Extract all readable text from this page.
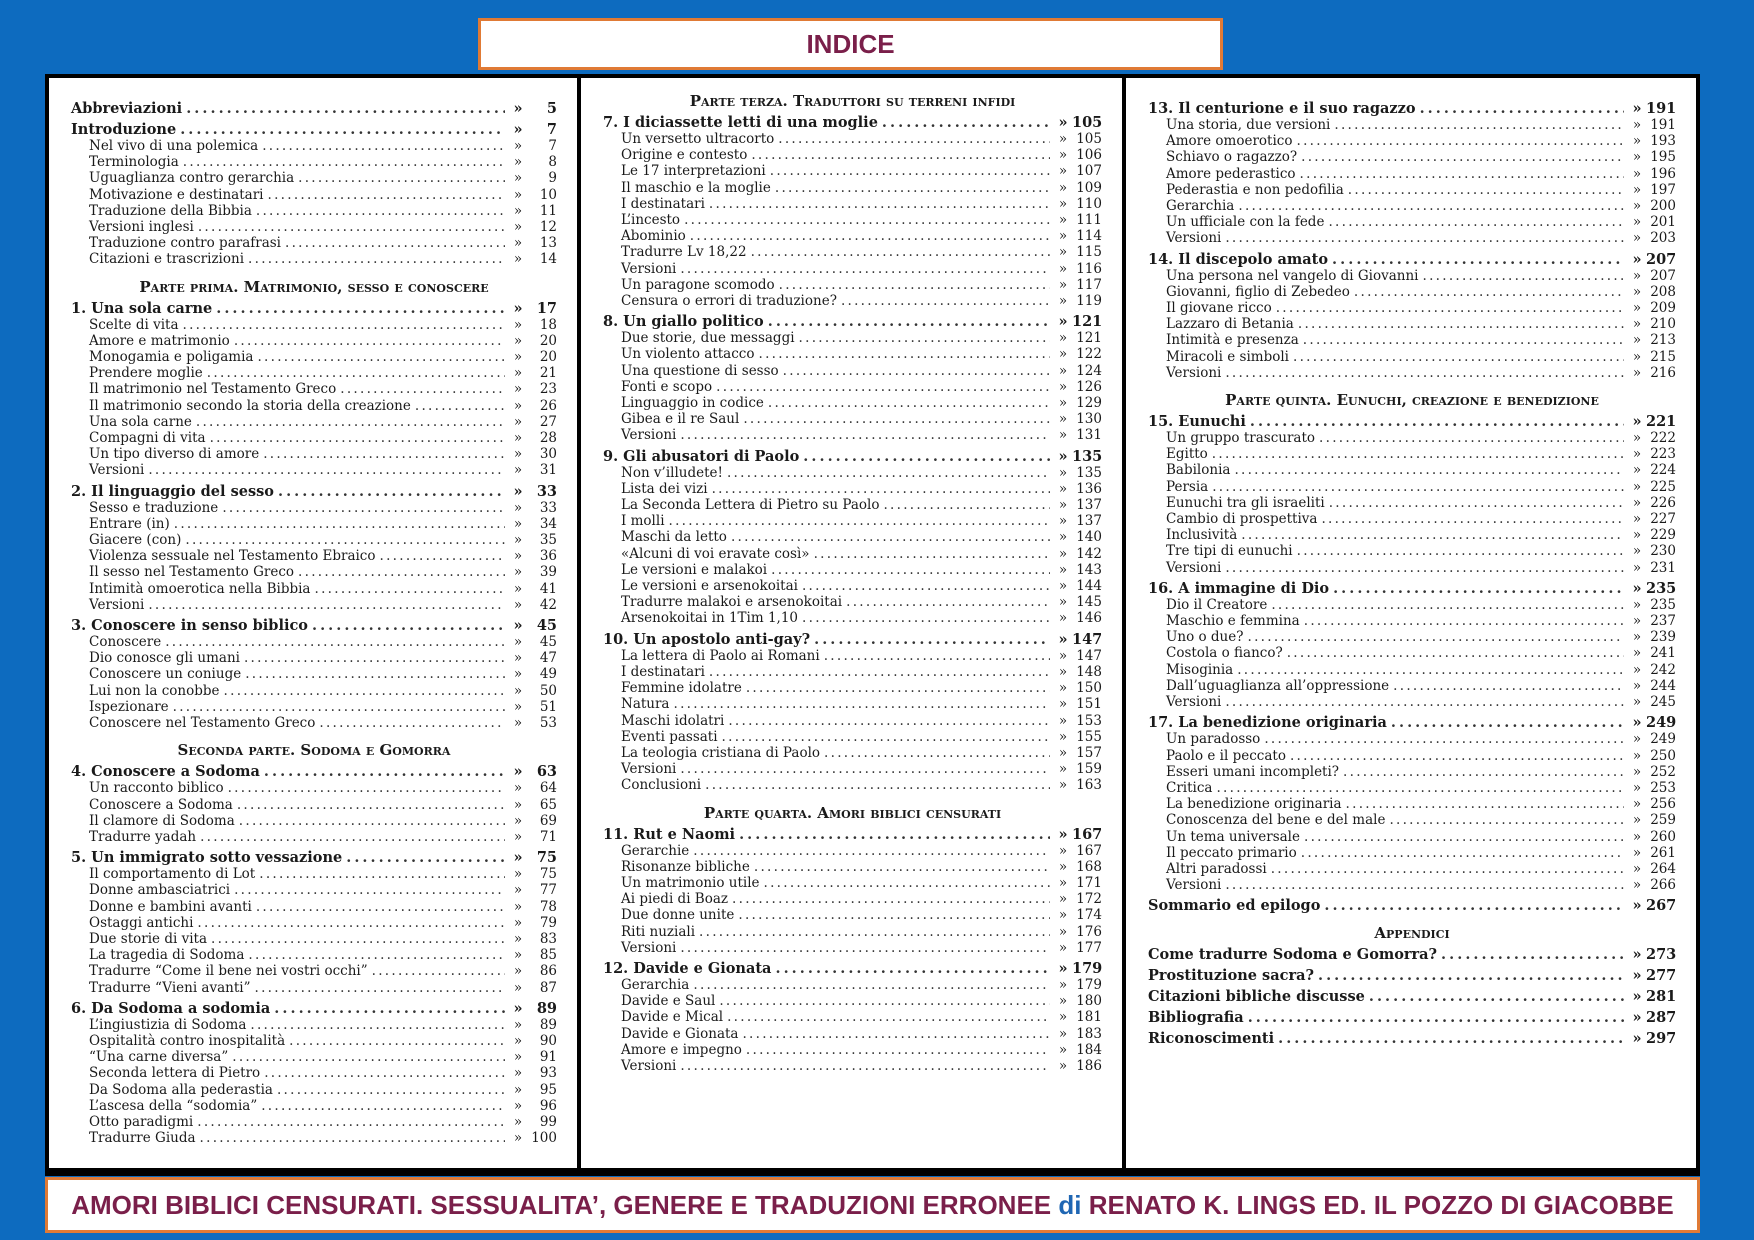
INDICE
Abbreviazioni . . .	»	5
Introduzione . . .	»	7
Nel vivo di una polemica . . .	»	7
Terminologia . . .	»	8
Uguaglianza contro gerarchia . . .	»	9
Motivazione e destinatari . . .	»	10
Traduzione della Bibbia . . .	»	11
Versioni inglesi . . .	»	12
Traduzione contro parafrasi . . .	»	13
Citazioni e trascrizioni . . .	»	14
Parte prima. Matrimonio, sesso e conoscere
1. Una sola carne . . .	» 17
Scelte di vita . . .	»	18
Amore e matrimonio . . .	»	20
Monogamia e poligamia . . .	»	20
Prendere moglie . . .	»	21
Il matrimonio nel Testamento Greco . . .	»	23
Il matrimonio secondo la storia della creazione . . .	»	26
Una sola carne . . .	»	27
Compagni di vita . . .	»	28
Un tipo diverso di amore . . .	»	30
Versioni . . .	»	31
2. Il linguaggio del sesso . . .	» 33
Sesso e traduzione . . .	»	33
Entrare (in) . . .	»	34
Giacere (con) . . .	»	35
Violenza sessuale nel Testamento Ebraico . . .	»	36
Il sesso nel Testamento Greco . . .	»	39
Intimità omoerotica nella Bibbia . . .	»	41
Versioni . . .	»	42
3. Conoscere in senso biblico . . .	» 45
Conoscere . . .	»	45
Dio conosce gli umani . . .	»	47
Conoscere un coniuge . . .	»	49
Lui non la conobbe . . .	»	50
Ispezionare . . .	»	51
Conoscere nel Testamento Greco . . .	»	53
Seconda parte. Sodoma e Gomorra
4. Conoscere a Sodoma . . .	» 63
Un racconto biblico . . .	»	64
Conoscere a Sodoma . . .	»	65
Il clamore di Sodoma . . .	»	69
Tradurre yadah . . .	»	71
5. Un immigrato sotto vessazione . . .	» 75
Il comportamento di Lot . . .	»	75
Donne ambasciatrici . . .	»	77
Donne e bambini avanti . . .	»	78
Ostaggi antichi . . .	»	79
Due storie di vita . . .	»	83
La tragedia di Sodoma . . .	»	85
Tradurre “Come il bene nei vostri occhi” . . .	»	86
Tradurre “Vieni avanti” . . .	»	87
6. Da Sodoma a sodomia . . .	» 89
L’ingiustizia di Sodoma . . .	»	89
Ospitalità contro inospitalità . . .	»	90
“Una carne diversa” . . .	»	91
Seconda lettera di Pietro . . .	»	93
Da Sodoma alla pederastia . . .	»	95
L’ascesa della “sodomia” . . .	»	96
Otto paradigmi . . .	»	99
Tradurre Giuda . . .	» 100
Parte terza. Traduttori su terreni infidi
7. I diciassette letti di una moglie . . .	» 105
Un versetto ultracorto . . .	» 105
Origine e contesto . . .	» 106
Le 17 interpretazioni . . .	» 107
Il maschio e la moglie . . .	» 109
I destinatari . . .	» 110
L’incesto . . .	» 111
Abominio . . .	» 114
Tradurre Lv 18,22 . . .	» 115
Versioni . . .	» 116
Un paragone scomodo . . .	» 117
Censura o errori di traduzione? . . .	» 119
8. Un giallo politico . . .	» 121
Due storie, due messaggi . . .	» 121
Un violento attacco . . .	» 122
Una questione di sesso . . .	» 124
Fonti e scopo . . .	» 126
Linguaggio in codice . . .	» 129
Gibea e il re Saul . . .	» 130
Versioni . . .	» 131
9. Gli abusatori di Paolo . . .	» 135
Non v’illudete! . . .	» 135
Lista dei vizi . . .	» 136
La Seconda Lettera di Pietro su Paolo . . .	» 137
I molli . . .	» 137
Maschi da letto . . .	» 140
«Alcuni di voi eravate così» . . .	» 142
Le versioni e malakoi . . .	» 143
Le versioni e arsenokoitai . . .	» 144
Tradurre malakoi e arsenokoitai . . .	» 145
Arsenokoitai in 1Tim 1,10 . . .	» 146
10. Un apostolo anti-gay? . . .	» 147
La lettera di Paolo ai Romani . . .	» 147
I destinatari . . .	» 148
Femmine idolatre . . .	» 150
Natura . . .	» 151
Maschi idolatri . . .	» 153
Eventi passati . . .	» 155
La teologia cristiana di Paolo . . .	» 157
Versioni . . .	» 159
Conclusioni . . .	» 163
Parte quarta. Amori biblici censurati
11. Rut e Naomi . . .	» 167
Gerarchie . . .	» 167
Risonanze bibliche . . .	» 168
Un matrimonio utile . . .	» 171
Ai piedi di Boaz . . .	» 172
Due donne unite . . .	» 174
Riti nuziali . . .	» 176
Versioni . . .	» 177
12. Davide e Gionata . . .	» 179
Gerarchia . . .	» 179
Davide e Saul . . .	» 180
Davide e Mical . . .	» 181
Davide e Gionata . . .	» 183
Amore e impegno . . .	» 184
Versioni . . .	» 186
13. Il centurione e il suo ragazzo . . .	» 191
Una storia, due versioni . . .	» 191
Amore omoerotico . . .	» 193
Schiavo o ragazzo? . . .	» 195
Amore pederastico . . .	» 196
Pederastia e non pedofilia . . .	» 197
Gerarchia . . .	» 200
Un ufficiale con la fede . . .	» 201
Versioni . . .	» 203
14. Il discepolo amato . . .	» 207
Una persona nel vangelo di Giovanni . . .	» 207
Giovanni, figlio di Zebedeo . . .	» 208
Il giovane ricco . . .	» 209
Lazzaro di Betania . . .	» 210
Intimità e presenza . . .	» 213
Miracoli e simboli . . .	» 215
Versioni . . .	» 216
Parte quinta. Eunuchi, creazione e benedizione
15. Eunuchi . . .	» 221
Un gruppo trascurato . . .	» 222
Egitto . . .	» 223
Babilonia . . .	» 224
Persia . . .	» 225
Eunuchi tra gli israeliti . . .	» 226
Cambio di prospettiva . . .	» 227
Inclusività . . .	» 229
Tre tipi di eunuchi . . .	» 230
Versioni . . .	» 231
16. A immagine di Dio . . .	» 235
Dio il Creatore . . .	» 235
Maschio e femmina . . .	» 237
Uno o due? . . .	» 239
Costola o fianco? . . .	» 241
Misoginia . . .	» 242
Dall’uguaglianza all’oppressione . . .	» 244
Versioni . . .	» 245
17. La benedizione originaria . . .	» 249
Un paradosso . . .	» 249
Paolo e il peccato . . .	» 250
Esseri umani incompleti? . . .	» 252
Critica . . .	» 253
La benedizione originaria . . .	» 256
Conoscenza del bene e del male . . .	» 259
Un tema universale . . .	» 260
Il peccato primario . . .	» 261
Altri paradossi . . .	» 264
Versioni . . .	» 266
Sommario ed epilogo . . .	» 267
Appendici
Come tradurre Sodoma e Gomorra? . . .	» 273
Prostituzione sacra? . . .	» 277
Citazioni bibliche discusse . . .	» 281
Bibliografia . . .	» 287
Riconoscimenti . . .	» 297
AMORI BIBLICI CENSURATI. SESSUALITA’, GENERE E TRADUZIONI ERRONEE
di
RENATO K. LINGS ED. IL POZZO DI GIACOBBE
